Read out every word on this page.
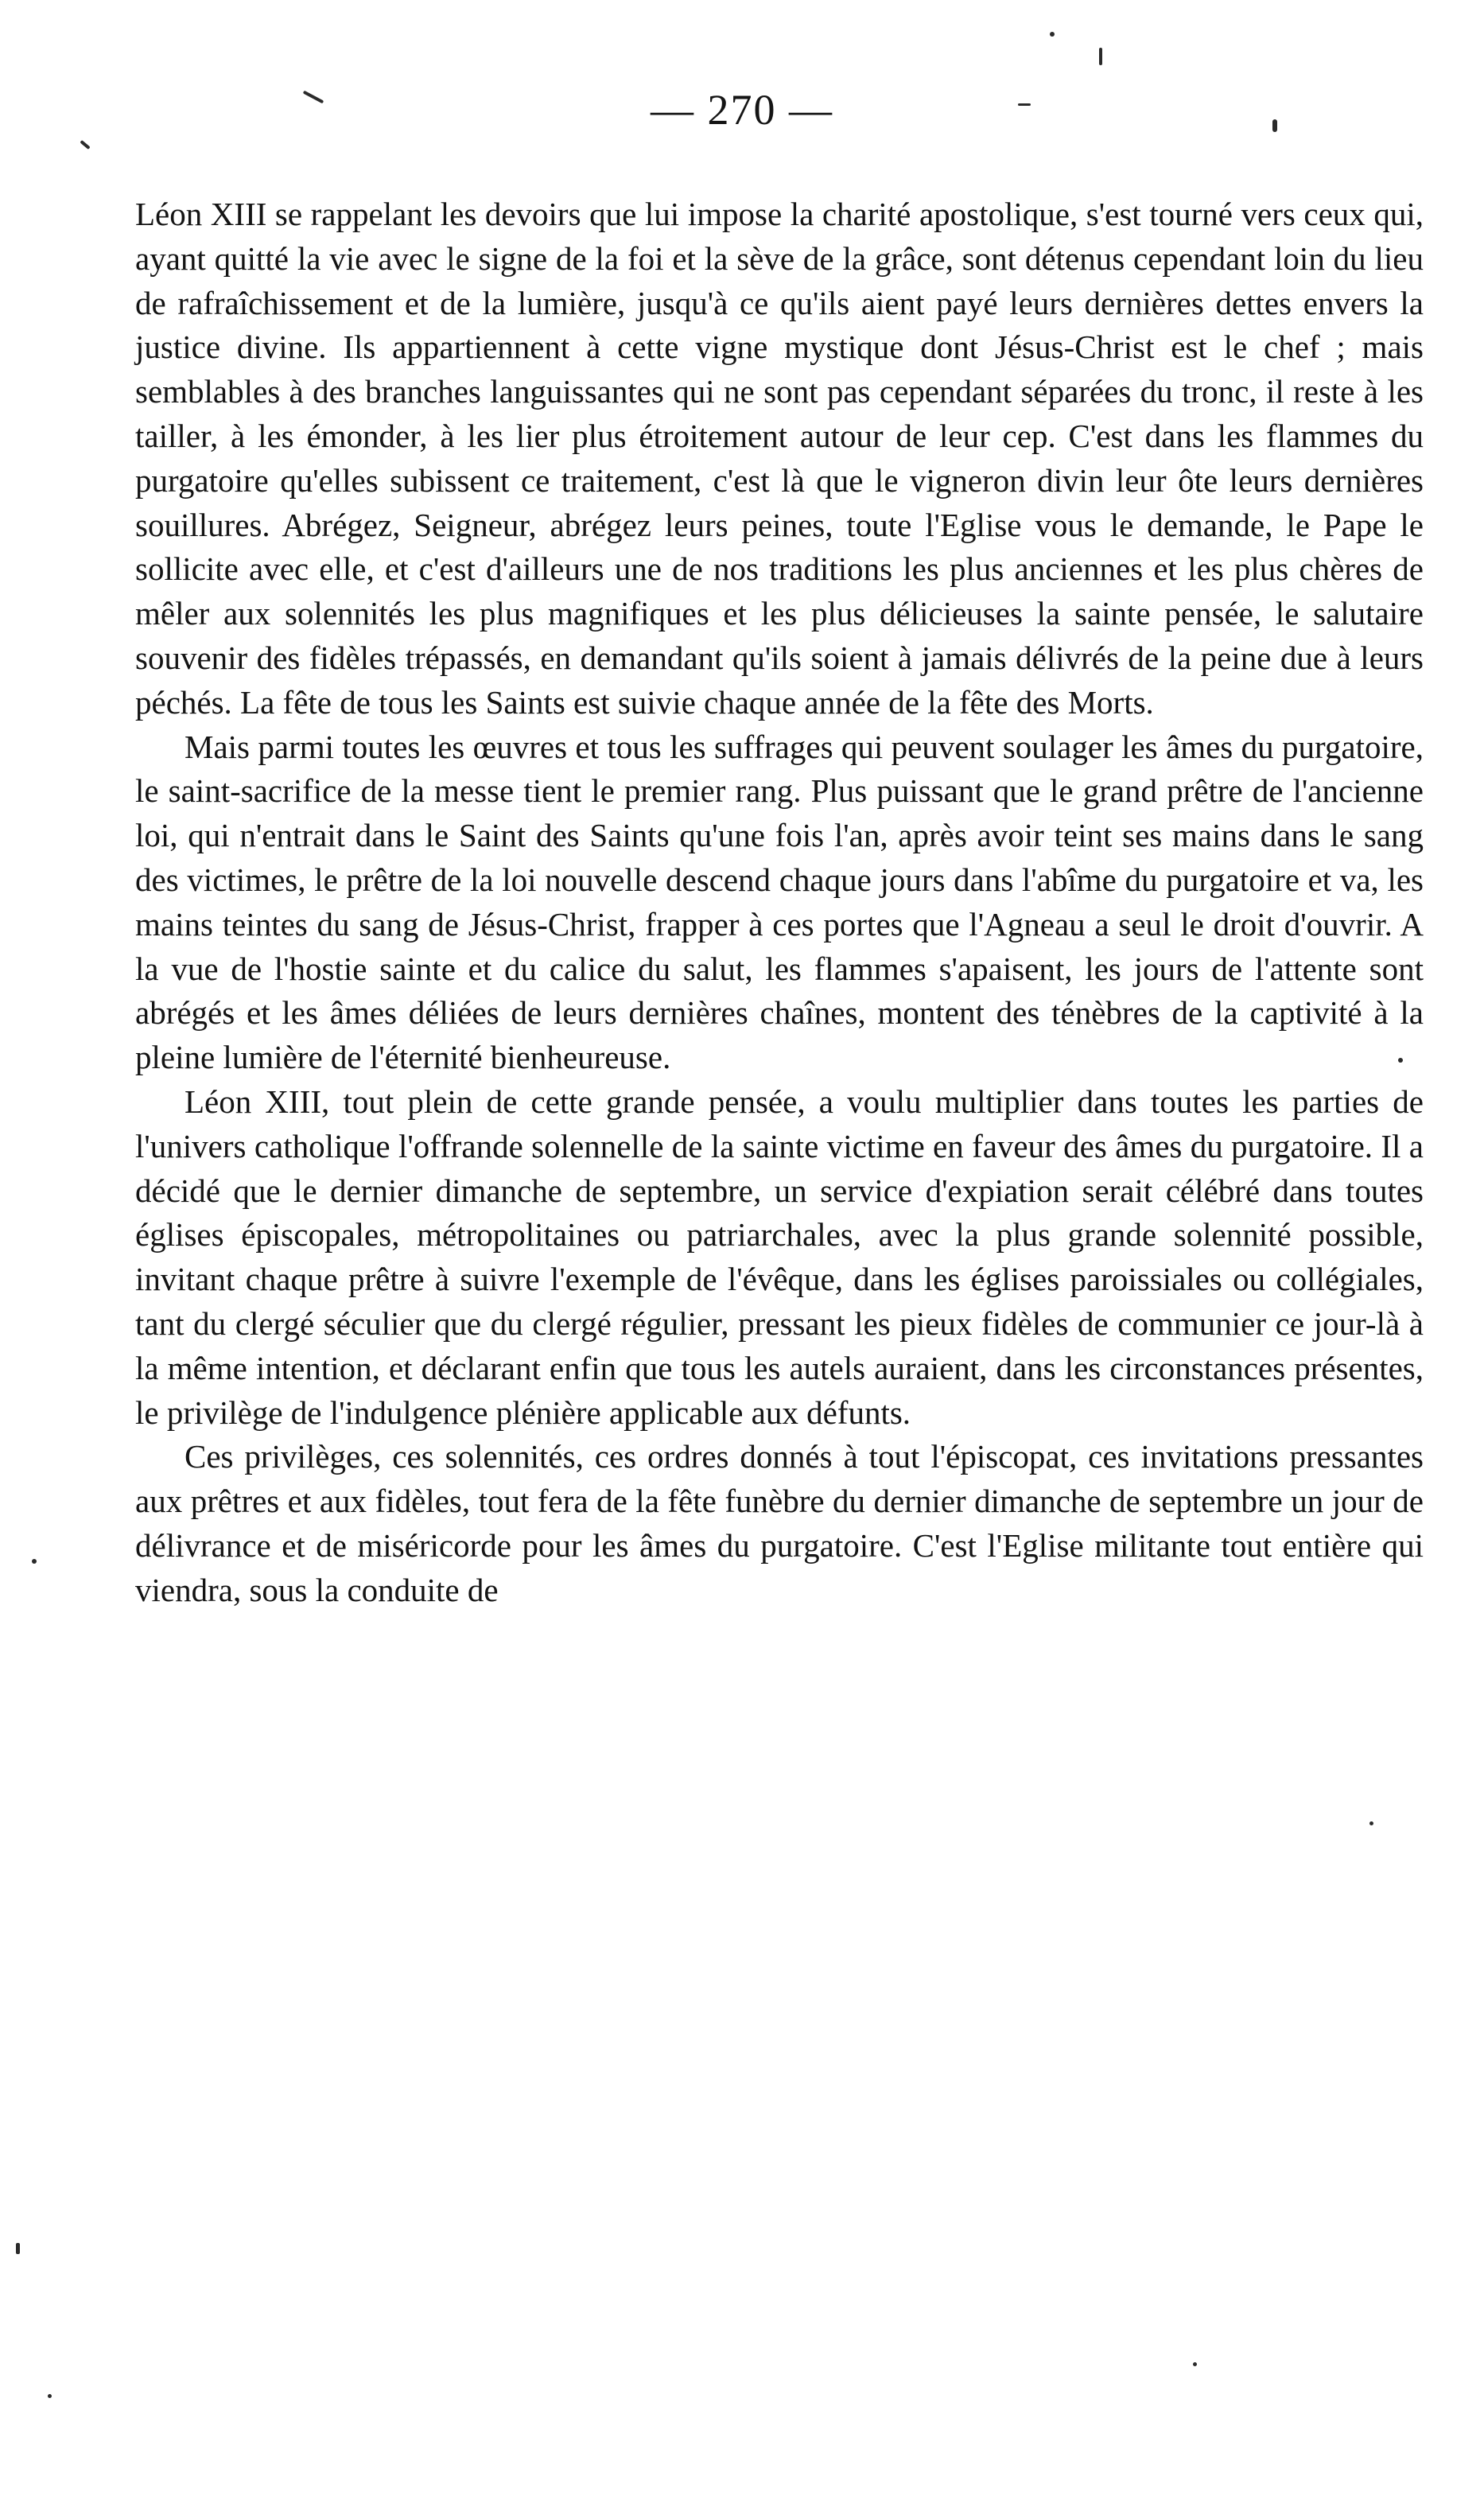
— 270 —

Léon XIII se rappelant les devoirs que lui impose la charité apostolique, s'est tourné vers ceux qui, ayant quitté la vie avec le signe de la foi et la sève de la grâce, sont détenus cependant loin du lieu de rafraîchissement et de la lumière, jusqu'à ce qu'ils aient payé leurs dernières dettes envers la justice divine. Ils appartiennent à cette vigne mystique dont Jésus-Christ est le chef ; mais semblables à des branches languissantes qui ne sont pas cependant séparées du tronc, il reste à les tailler, à les émonder, à les lier plus étroitement autour de leur cep. C'est dans les flammes du purgatoire qu'elles subissent ce traitement, c'est là que le vigneron divin leur ôte leurs dernières souillures. Abrégez, Seigneur, abrégez leurs peines, toute l'Eglise vous le demande, le Pape le sollicite avec elle, et c'est d'ailleurs une de nos traditions les plus anciennes et les plus chères de mêler aux solennités les plus magnifiques et les plus délicieuses la sainte pensée, le salutaire souvenir des fidèles trépassés, en demandant qu'ils soient à jamais délivrés de la peine due à leurs péchés. La fête de tous les Saints est suivie chaque année de la fête des Morts.

Mais parmi toutes les œuvres et tous les suffrages qui peuvent soulager les âmes du purgatoire, le saint-sacrifice de la messe tient le premier rang. Plus puissant que le grand prêtre de l'ancienne loi, qui n'entrait dans le Saint des Saints qu'une fois l'an, après avoir teint ses mains dans le sang des victimes, le prêtre de la loi nouvelle descend chaque jours dans l'abîme du purgatoire et va, les mains teintes du sang de Jésus-Christ, frapper à ces portes que l'Agneau a seul le droit d'ouvrir. A la vue de l'hostie sainte et du calice du salut, les flammes s'apaisent, les jours de l'attente sont abrégés et les âmes déliées de leurs dernières chaînes, montent des ténèbres de la captivité à la pleine lumière de l'éternité bienheureuse.

Léon XIII, tout plein de cette grande pensée, a voulu multiplier dans toutes les parties de l'univers catholique l'offrande solennelle de la sainte victime en faveur des âmes du purgatoire. Il a décidé que le dernier dimanche de septembre, un service d'expiation serait célébré dans toutes églises épiscopales, métropolitaines ou patriarchales, avec la plus grande solennité possible, invitant chaque prêtre à suivre l'exemple de l'évêque, dans les églises paroissiales ou collégiales, tant du clergé séculier que du clergé régulier, pressant les pieux fidèles de communier ce jour-là à la même intention, et déclarant enfin que tous les autels auraient, dans les circonstances présentes, le privilège de l'indulgence plénière applicable aux défunts.

Ces privilèges, ces solennités, ces ordres donnés à tout l'épiscopat, ces invitations pressantes aux prêtres et aux fidèles, tout fera de la fête funèbre du dernier dimanche de septembre un jour de délivrance et de miséricorde pour les âmes du purgatoire. C'est l'Eglise militante tout entière qui viendra, sous la conduite de
